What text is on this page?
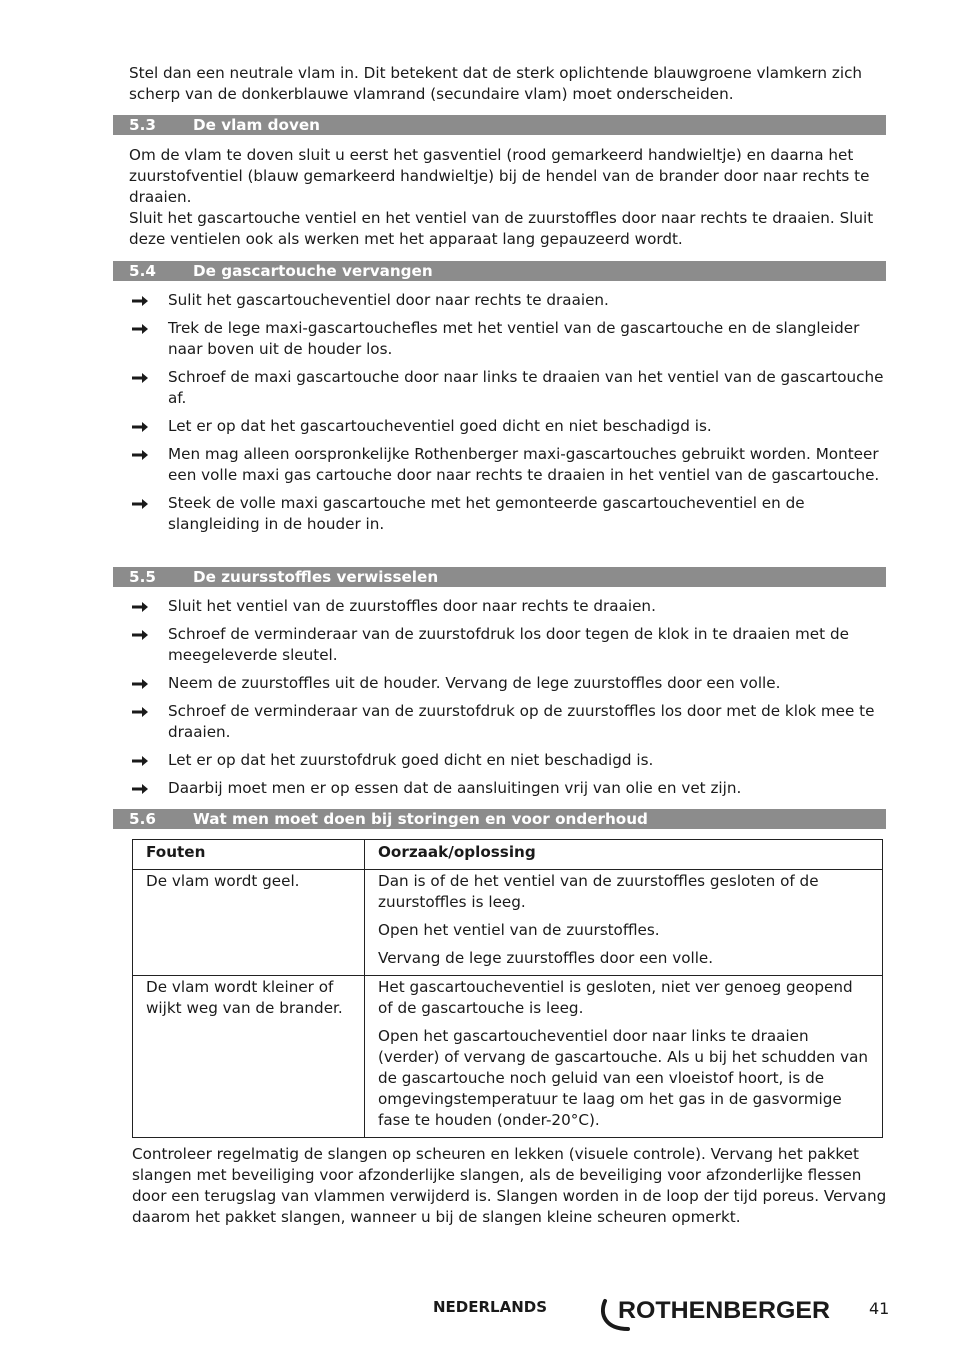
Stel dan een neutrale vlam in. Dit betekent dat de sterk oplichtende blauwgroene vlamkern zich scherp van de donkerblauwe vlamrand (secundaire vlam) moet onderscheiden.

5.3 De vlam doven

Om de vlam te doven sluit u eerst het gasventiel (rood gemarkeerd handwieltje) en daarna het zuurstofventiel (blauw gemarkeerd handwieltje) bij de hendel van de brander door naar rechts te draaien.

Sluit het gascartouche ventiel en het ventiel van de zuurstoffles door naar rechts te draaien. Sluit deze ventielen ook als werken met het apparaat lang gepauzeerd wordt.

5.4 De gascartouche vervangen
Sulit het gascartoucheventiel door naar rechts te draaien.
Trek de lege maxi-gascartouchefles met het ventiel van de gascartouche en de slangleider naar boven uit de houder los.
Schroef de maxi gascartouche door naar links te draaien van het ventiel van de gascartouche af.
Let er op dat het gascartoucheventiel goed dicht en niet beschadigd is.
Men mag alleen oorspronkelijke Rothenberger maxi-gascartouches gebruikt worden. Monteer een volle maxi gas cartouche door naar rechts te draaien in het ventiel van de gascartouche.
Steek de volle maxi gascartouche met het gemonteerde gascartoucheventiel en de slangleiding in de houder in.
5.5 De zuursstoffles verwisselen
Sluit het ventiel van de zuurstoffles door naar rechts te draaien.
Schroef de verminderaar van de zuurstofdruk los door tegen de klok in te draaien met de meegeleverde sleutel.
Neem de zuurstoffles uit de houder. Vervang de lege zuurstoffles door een volle.
Schroef de verminderaar van de zuurstofdruk op de zuurstoffles los door met de klok mee te draaien.
Let er op dat het zuurstofdruk goed dicht en niet beschadigd is.
Daarbij moet men er op essen dat de aansluitingen vrij van olie en vet zijn.
5.6 Wat men moet doen bij storingen en voor onderhoud
Fouten	Oorzaak/oplossing

De vlam wordt geel.	Dan is of de het ventiel van de zuurstoffles gesloten of de zuurstoffles is leeg.

Open het ventiel van de zuurstoffles.

Vervang de lege zuurstoffles door een volle.

De vlam wordt kleiner of wijkt weg van de brander.	Het gascartoucheventiel is gesloten, niet ver genoeg geopend of de gascartouche is leeg.

Open het gascartoucheventiel door naar links te draaien (verder) of vervang de gascartouche. Als u bij het schudden van de gascartouche noch geluid van een vloeistof hoort, is de omgevingstemperatuur te laag om het gas in de gasvormige fase te houden (onder-20°C).

Controleer regelmatig de slangen op scheuren en lekken (visuele controle). Vervang het pakket slangen met beveiliging voor afzonderlijke slangen, als de beveiliging voor afzonderlijke flessen door een terugslag van vlammen verwijderd is. Slangen worden in de loop der tijd poreus. Vervang daarom het pakket slangen, wanneer u bij de slangen kleine scheuren opmerkt.

NEDERLANDS	ROTHENBERGER 41
